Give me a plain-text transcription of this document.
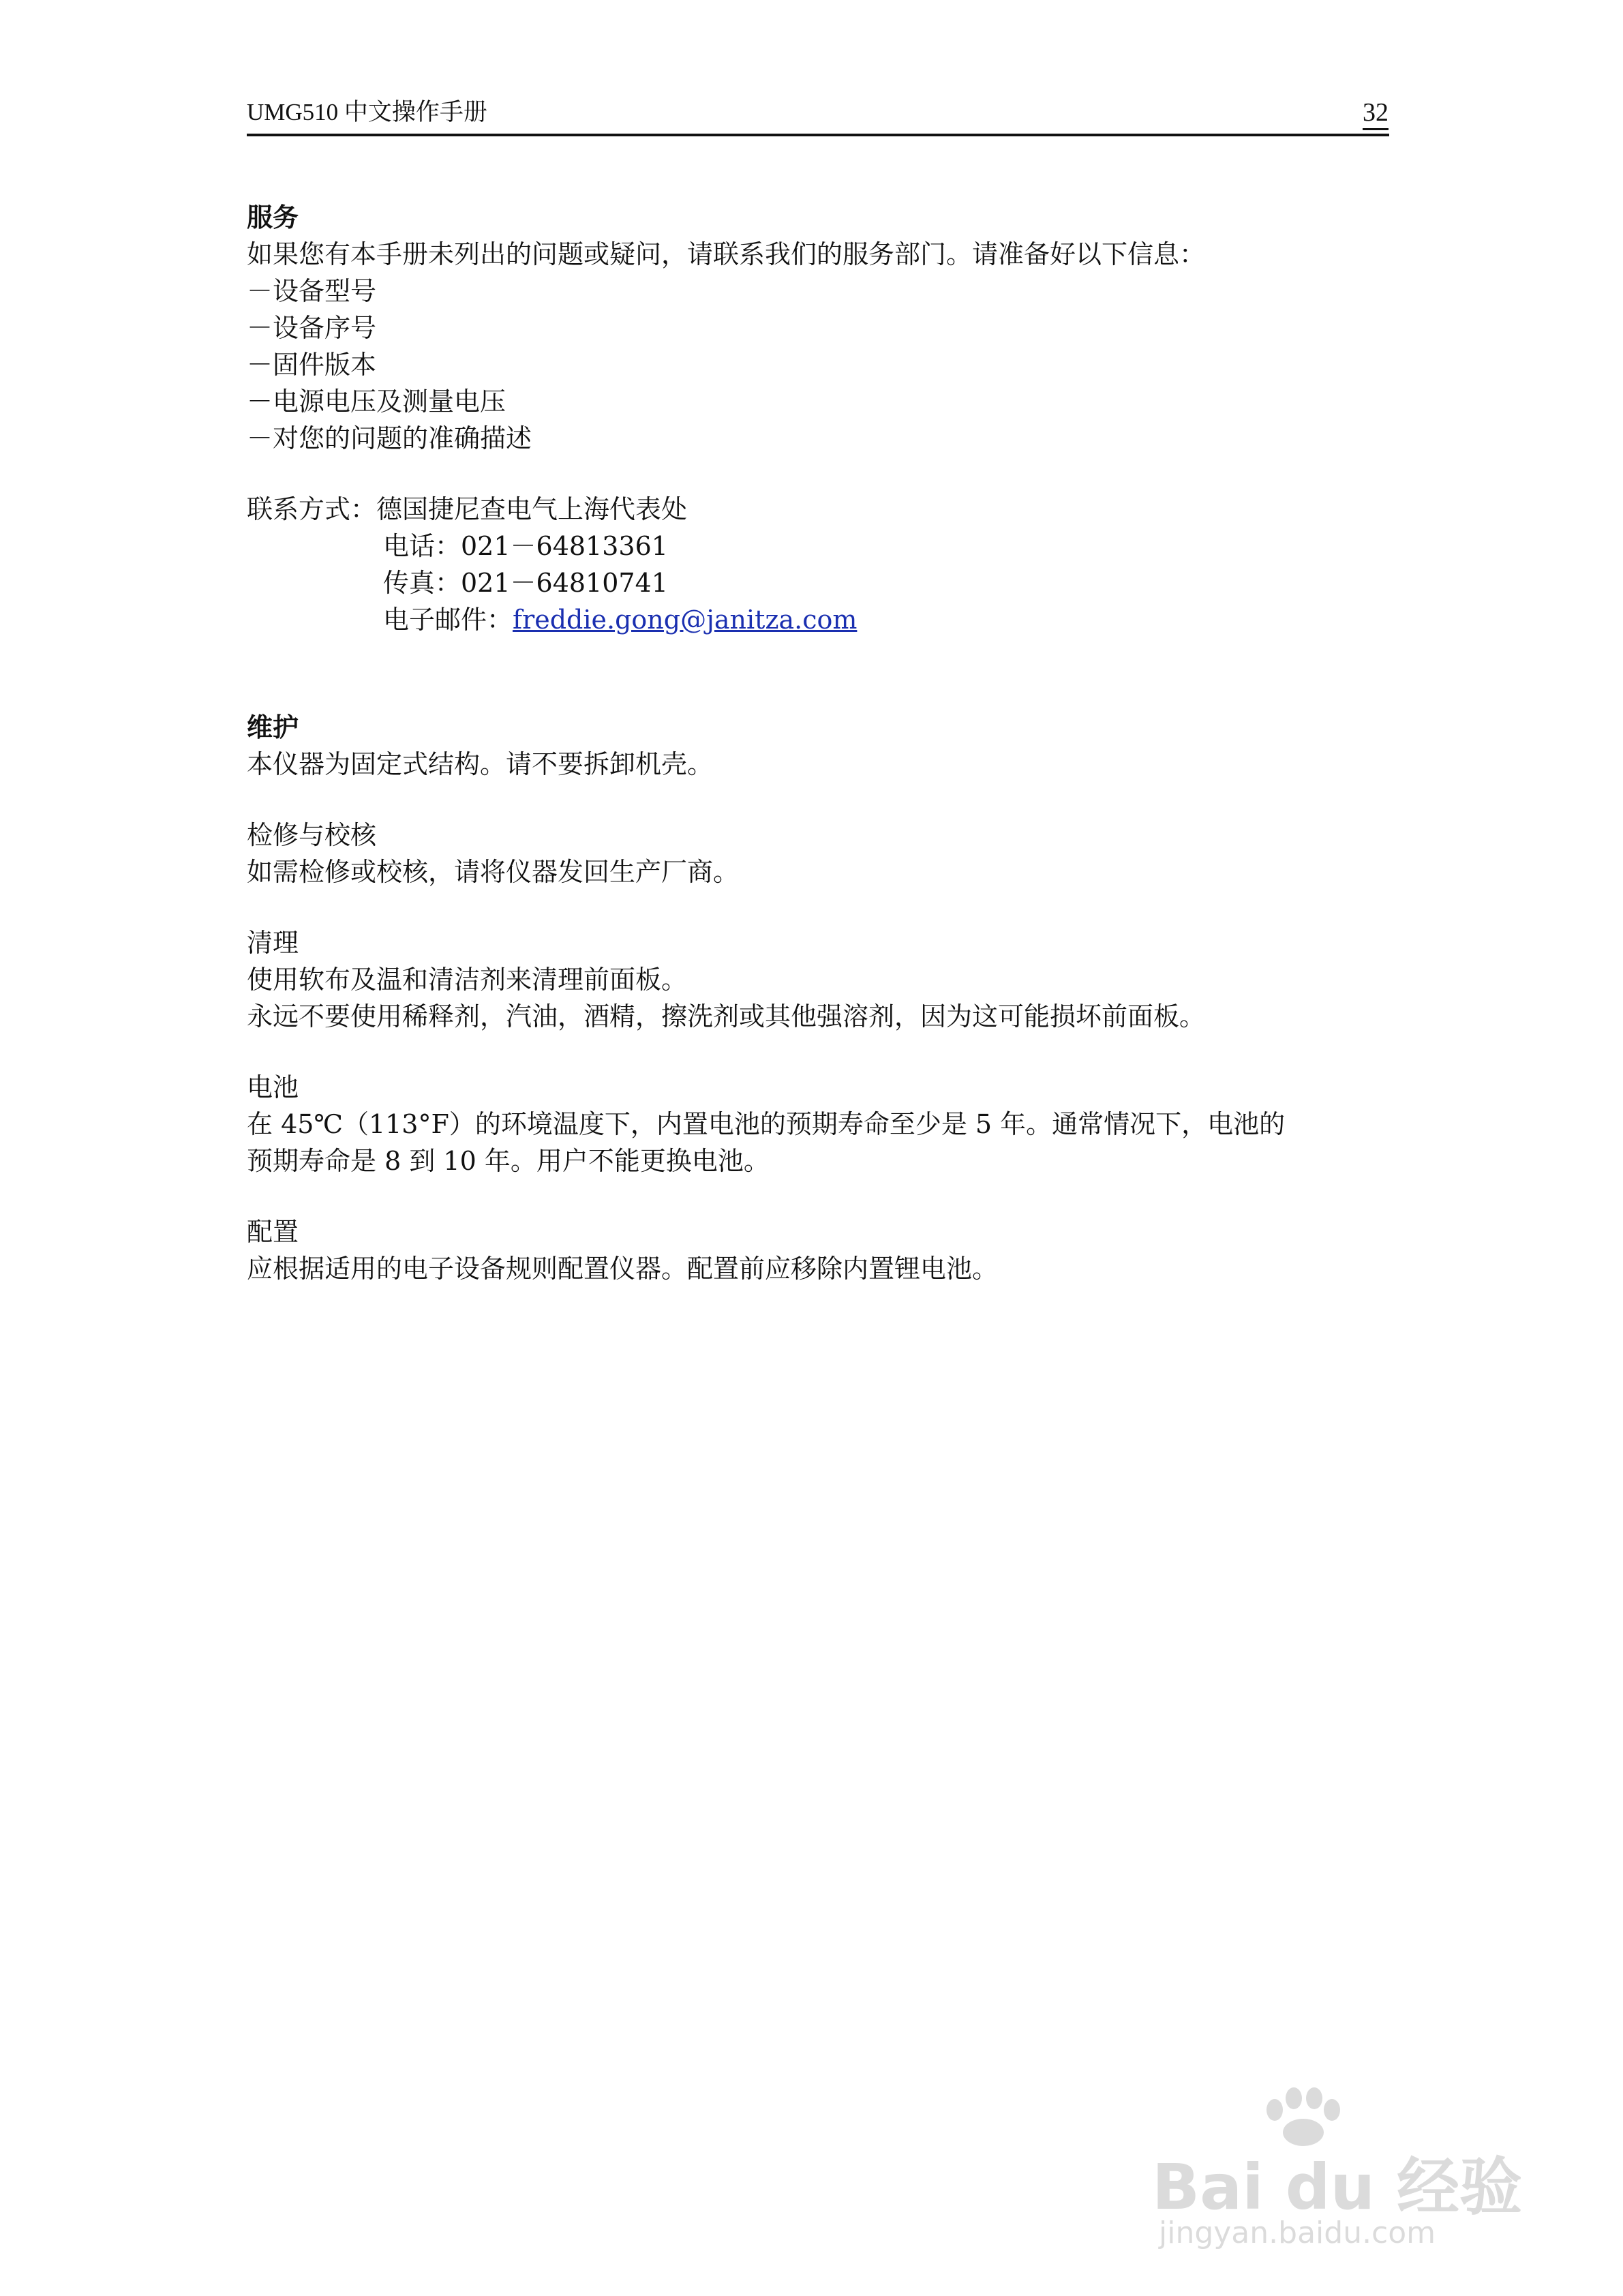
UMG510 中文操作手册	32
服务
如果您有本手册未列出的问题或疑问，请联系我们的服务部门。请准备好以下信息：
－设备型号
－设备序号
－固件版本
－电源电压及测量电压
－对您的问题的准确描述
联系方式：德国捷尼查电气上海代表处
电话：021－64813361
传真：021－64810741
电子邮件：freddie.gong@janitza.com
维护
本仪器为固定式结构。请不要拆卸机壳。
检修与校核
如需检修或校核，请将仪器发回生产厂商。
清理
使用软布及温和清洁剂来清理前面板。
永远不要使用稀释剂，汽油，酒精，擦洗剂或其他强溶剂，因为这可能损坏前面板。
电池
在 45℃（113°F）的环境温度下，内置电池的预期寿命至少是 5 年。通常情况下，电池的
预期寿命是 8 到 10 年。用户不能更换电池。
配置
应根据适用的电子设备规则配置仪器。配置前应移除内置锂电池。
Bai du 经验
jingyan.baidu.com
